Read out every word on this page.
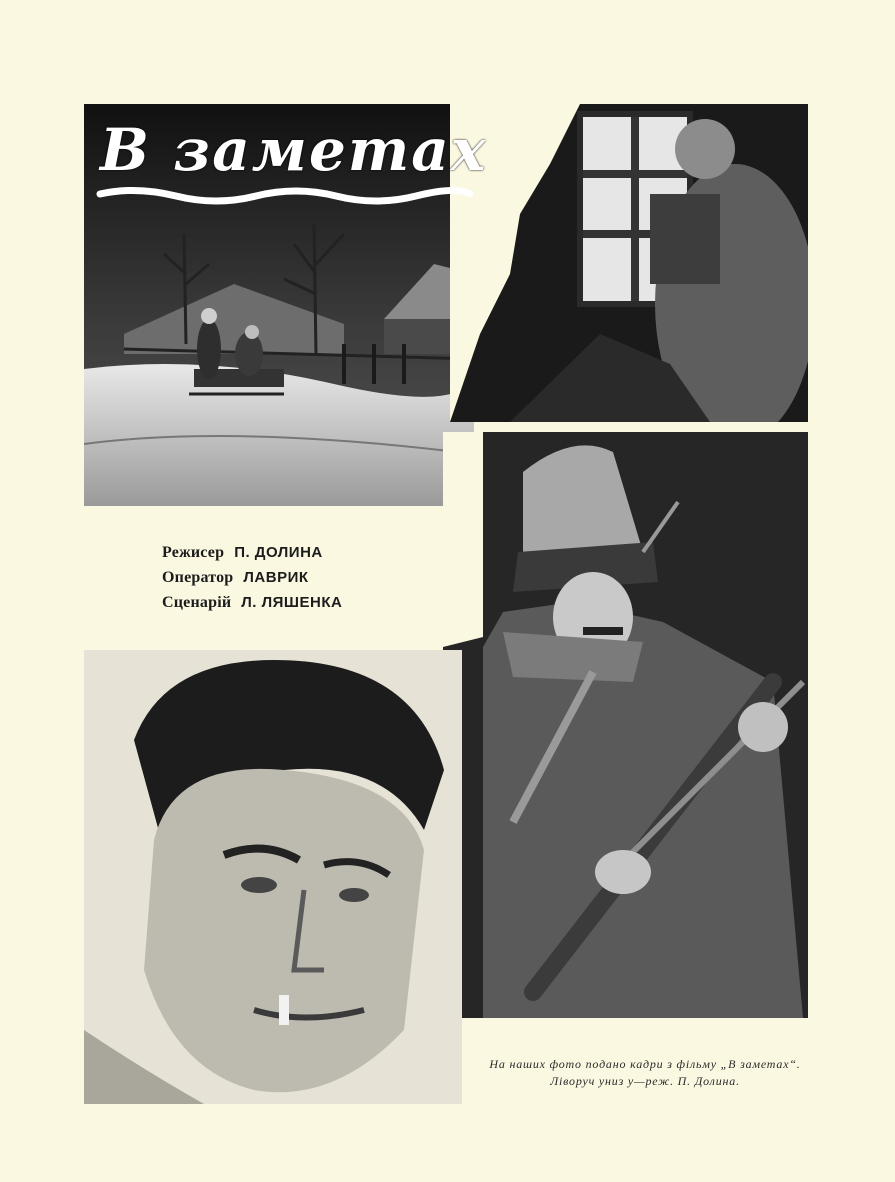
В заметах
Режисер П. ДОЛИНА
Оператор ЛАВРИК
Сценарій Л. ЛЯШЕНКА
На наших фото подано кадри з фільму „В заметах“.
Ліворуч униз у—реж. П. Долина.
